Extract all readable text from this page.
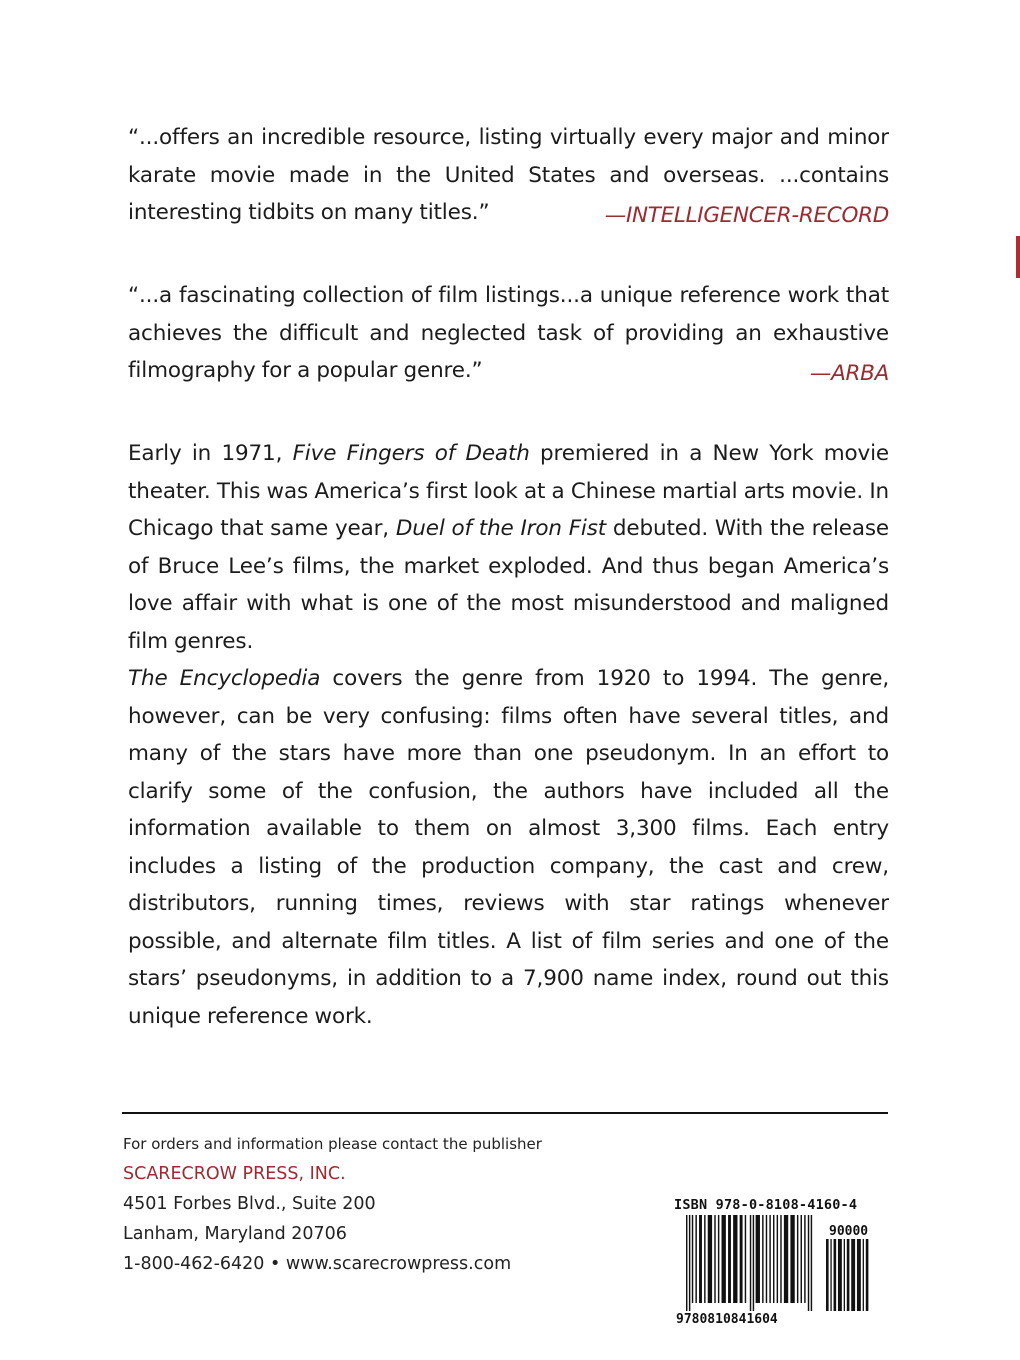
“...offers an incredible resource, listing virtually every major and minor karate movie made in the United States and overseas. ...contains interesting tidbits on many titles.”	—INTELLIGENCER-RECORD

“...a fascinating collection of film listings...a unique reference work that achieves the difficult and neglected task of providing an exhaustive filmography for a popular genre.”	—ARBA

Early in 1971, Five Fingers of Death premiered in a New York movie theater. This was America’s first look at a Chinese martial arts movie. In Chicago that same year, Duel of the Iron Fist debuted. With the release of Bruce Lee’s films, the market exploded. And thus began America’s love affair with what is one of the most misunderstood and maligned film genres.

The Encyclopedia covers the genre from 1920 to 1994. The genre, however, can be very confusing: films often have several titles, and many of the stars have more than one pseudonym. In an effort to clarify some of the confusion, the authors have included all the information available to them on almost 3,300 films. Each entry includes a listing of the production company, the cast and crew, distributors, running times, reviews with star ratings whenever possible, and alternate film titles. A list of film series and one of the stars’ pseudonyms, in addition to a 7,900 name index, round out this unique reference work.

For orders and information please contact the publisher
SCARECROW PRESS, INC.
4501 Forbes Blvd., Suite 200
Lanham, Maryland 20706
1-800-462-6420 • www.scarecrowpress.com
ISBN 978-0-8108-4160-4
9780810841604
90000
